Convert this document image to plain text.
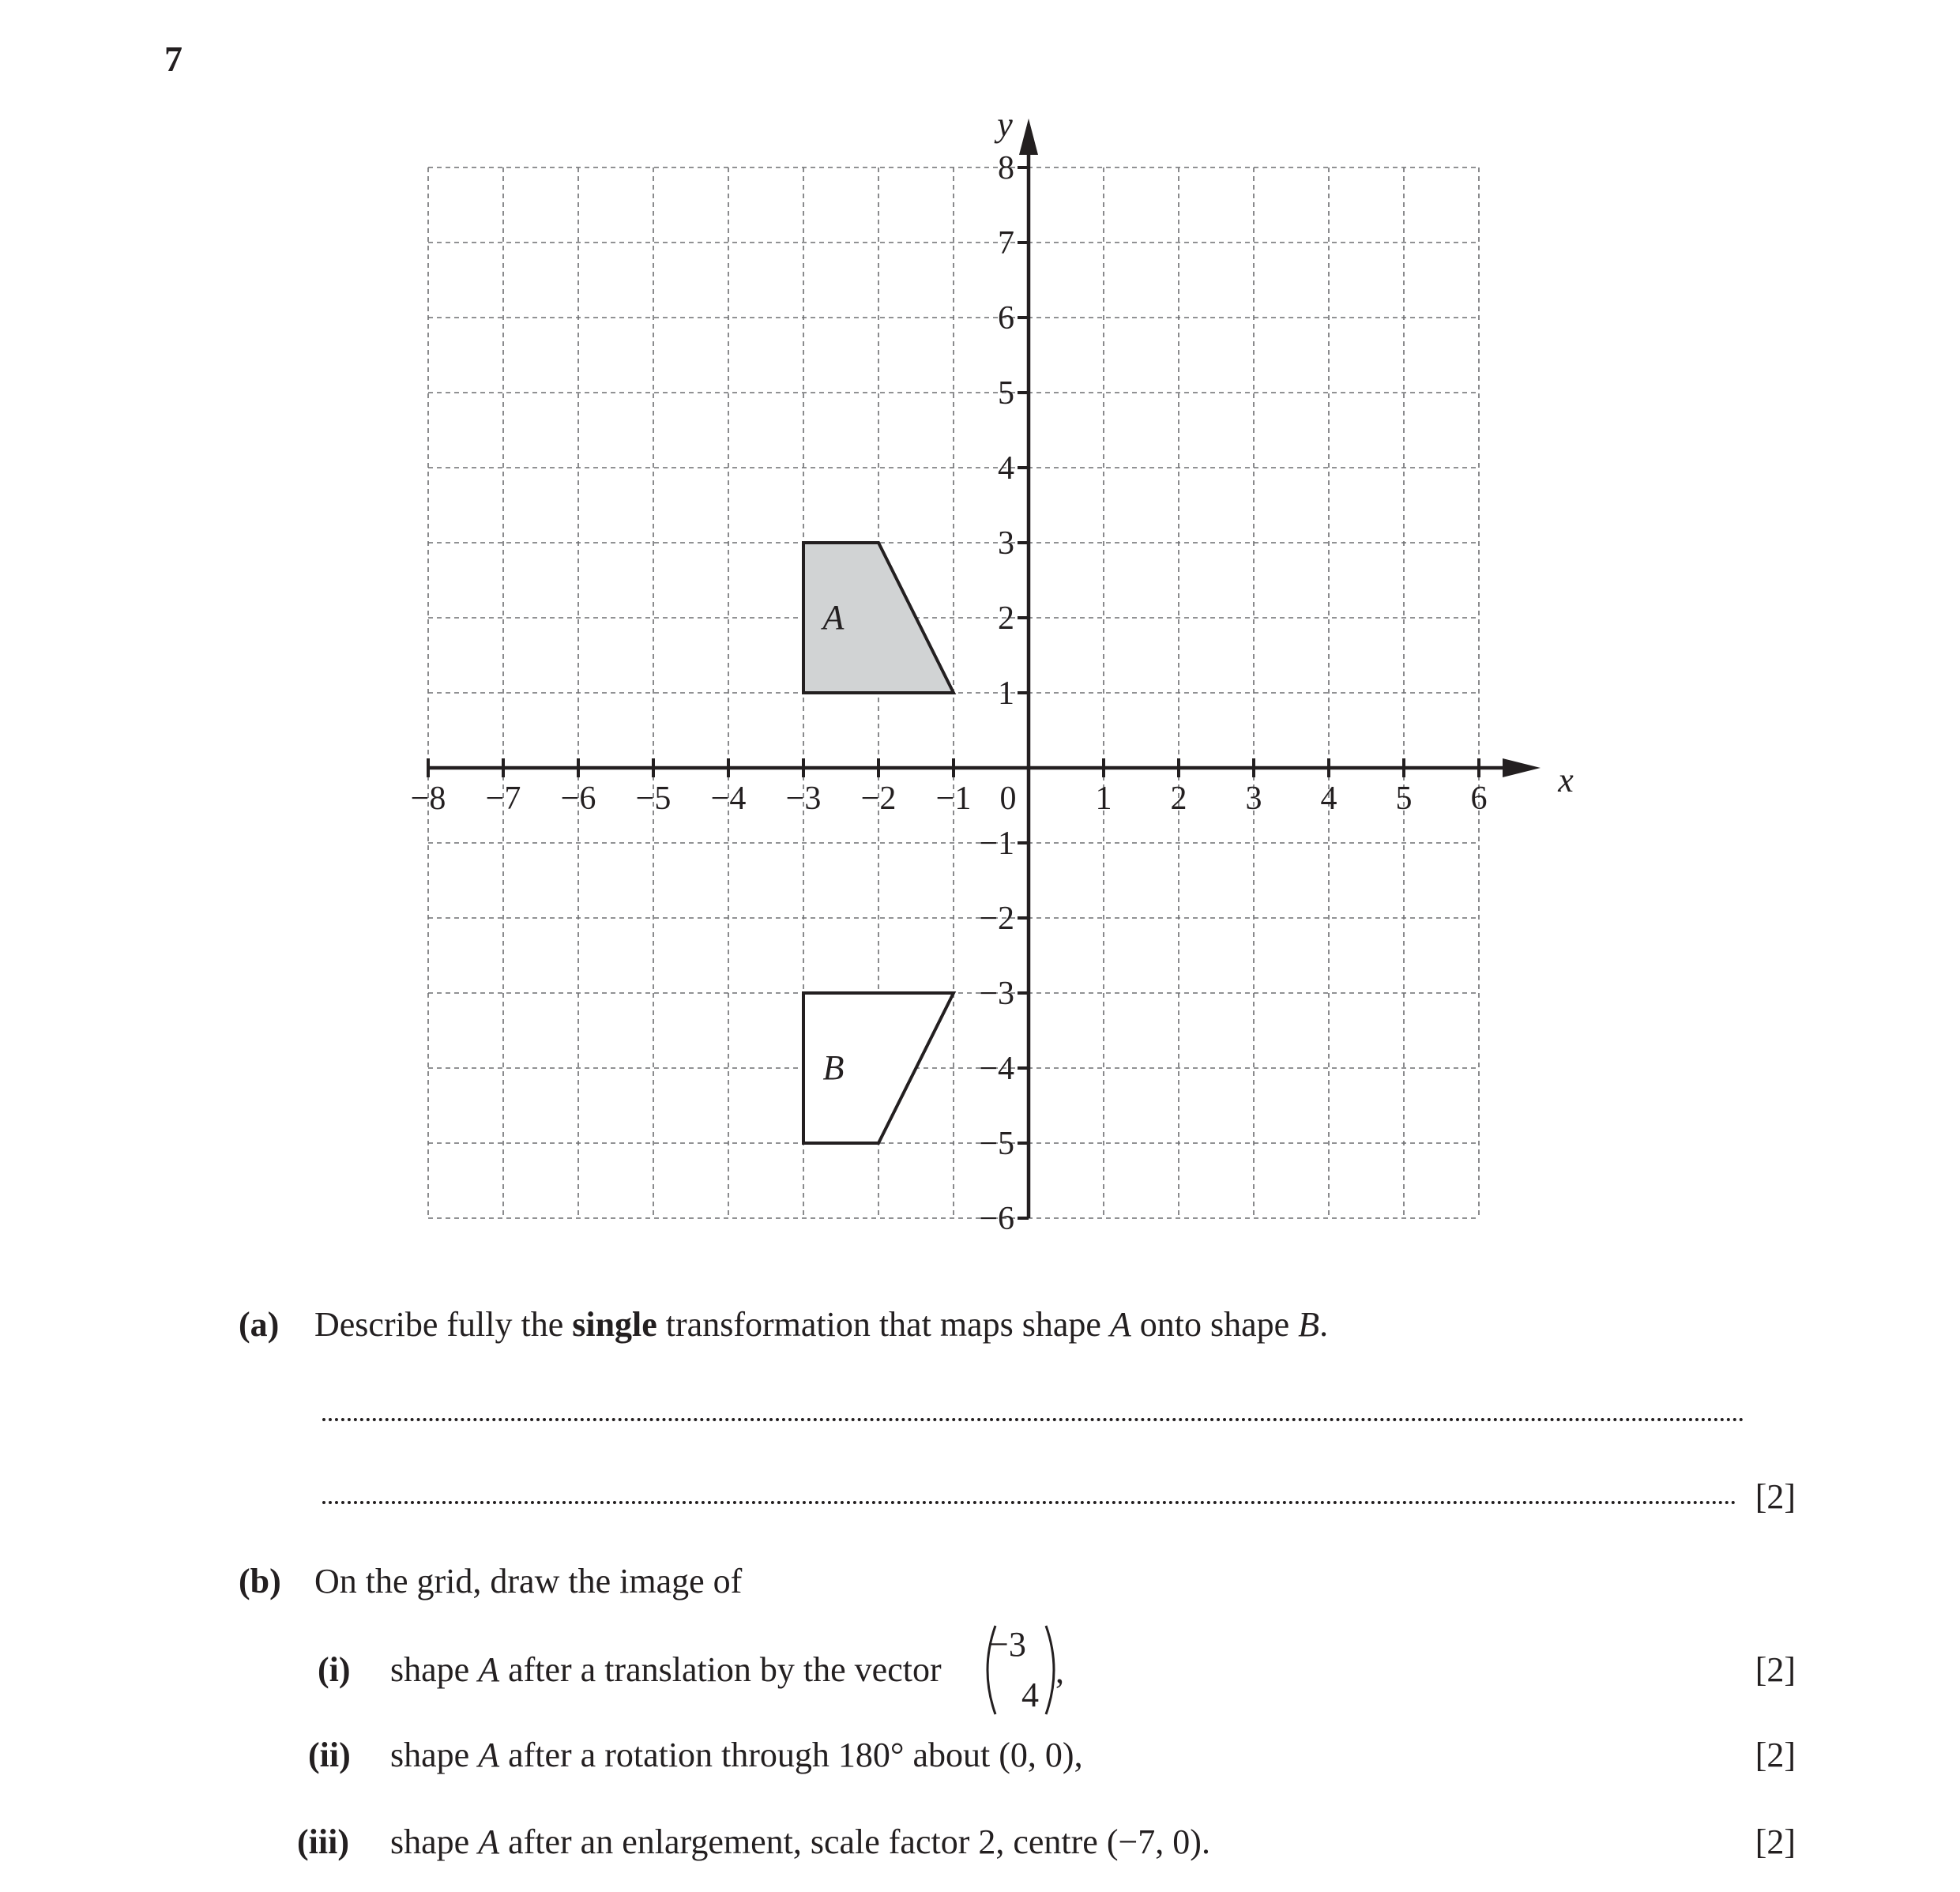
7
A
B
x
y
0
−8 −7 −6 −5 −4 −3 −2 −1	1 2 3 4 5 6
8
7
6
5
4
3
2
1
−1
−2
−3
−4
−5
−6
(a) Describe fully the single transformation that maps shape A onto shape B.
[2]
(b) On the grid, draw the image of
(i) shape A after a translation by the vector	[2]
−3
4
,
(ii) shape A after a rotation through 180° about (0, 0),	[2]
(iii) shape A after an enlargement, scale factor 2, centre (−7, 0).	[2]
